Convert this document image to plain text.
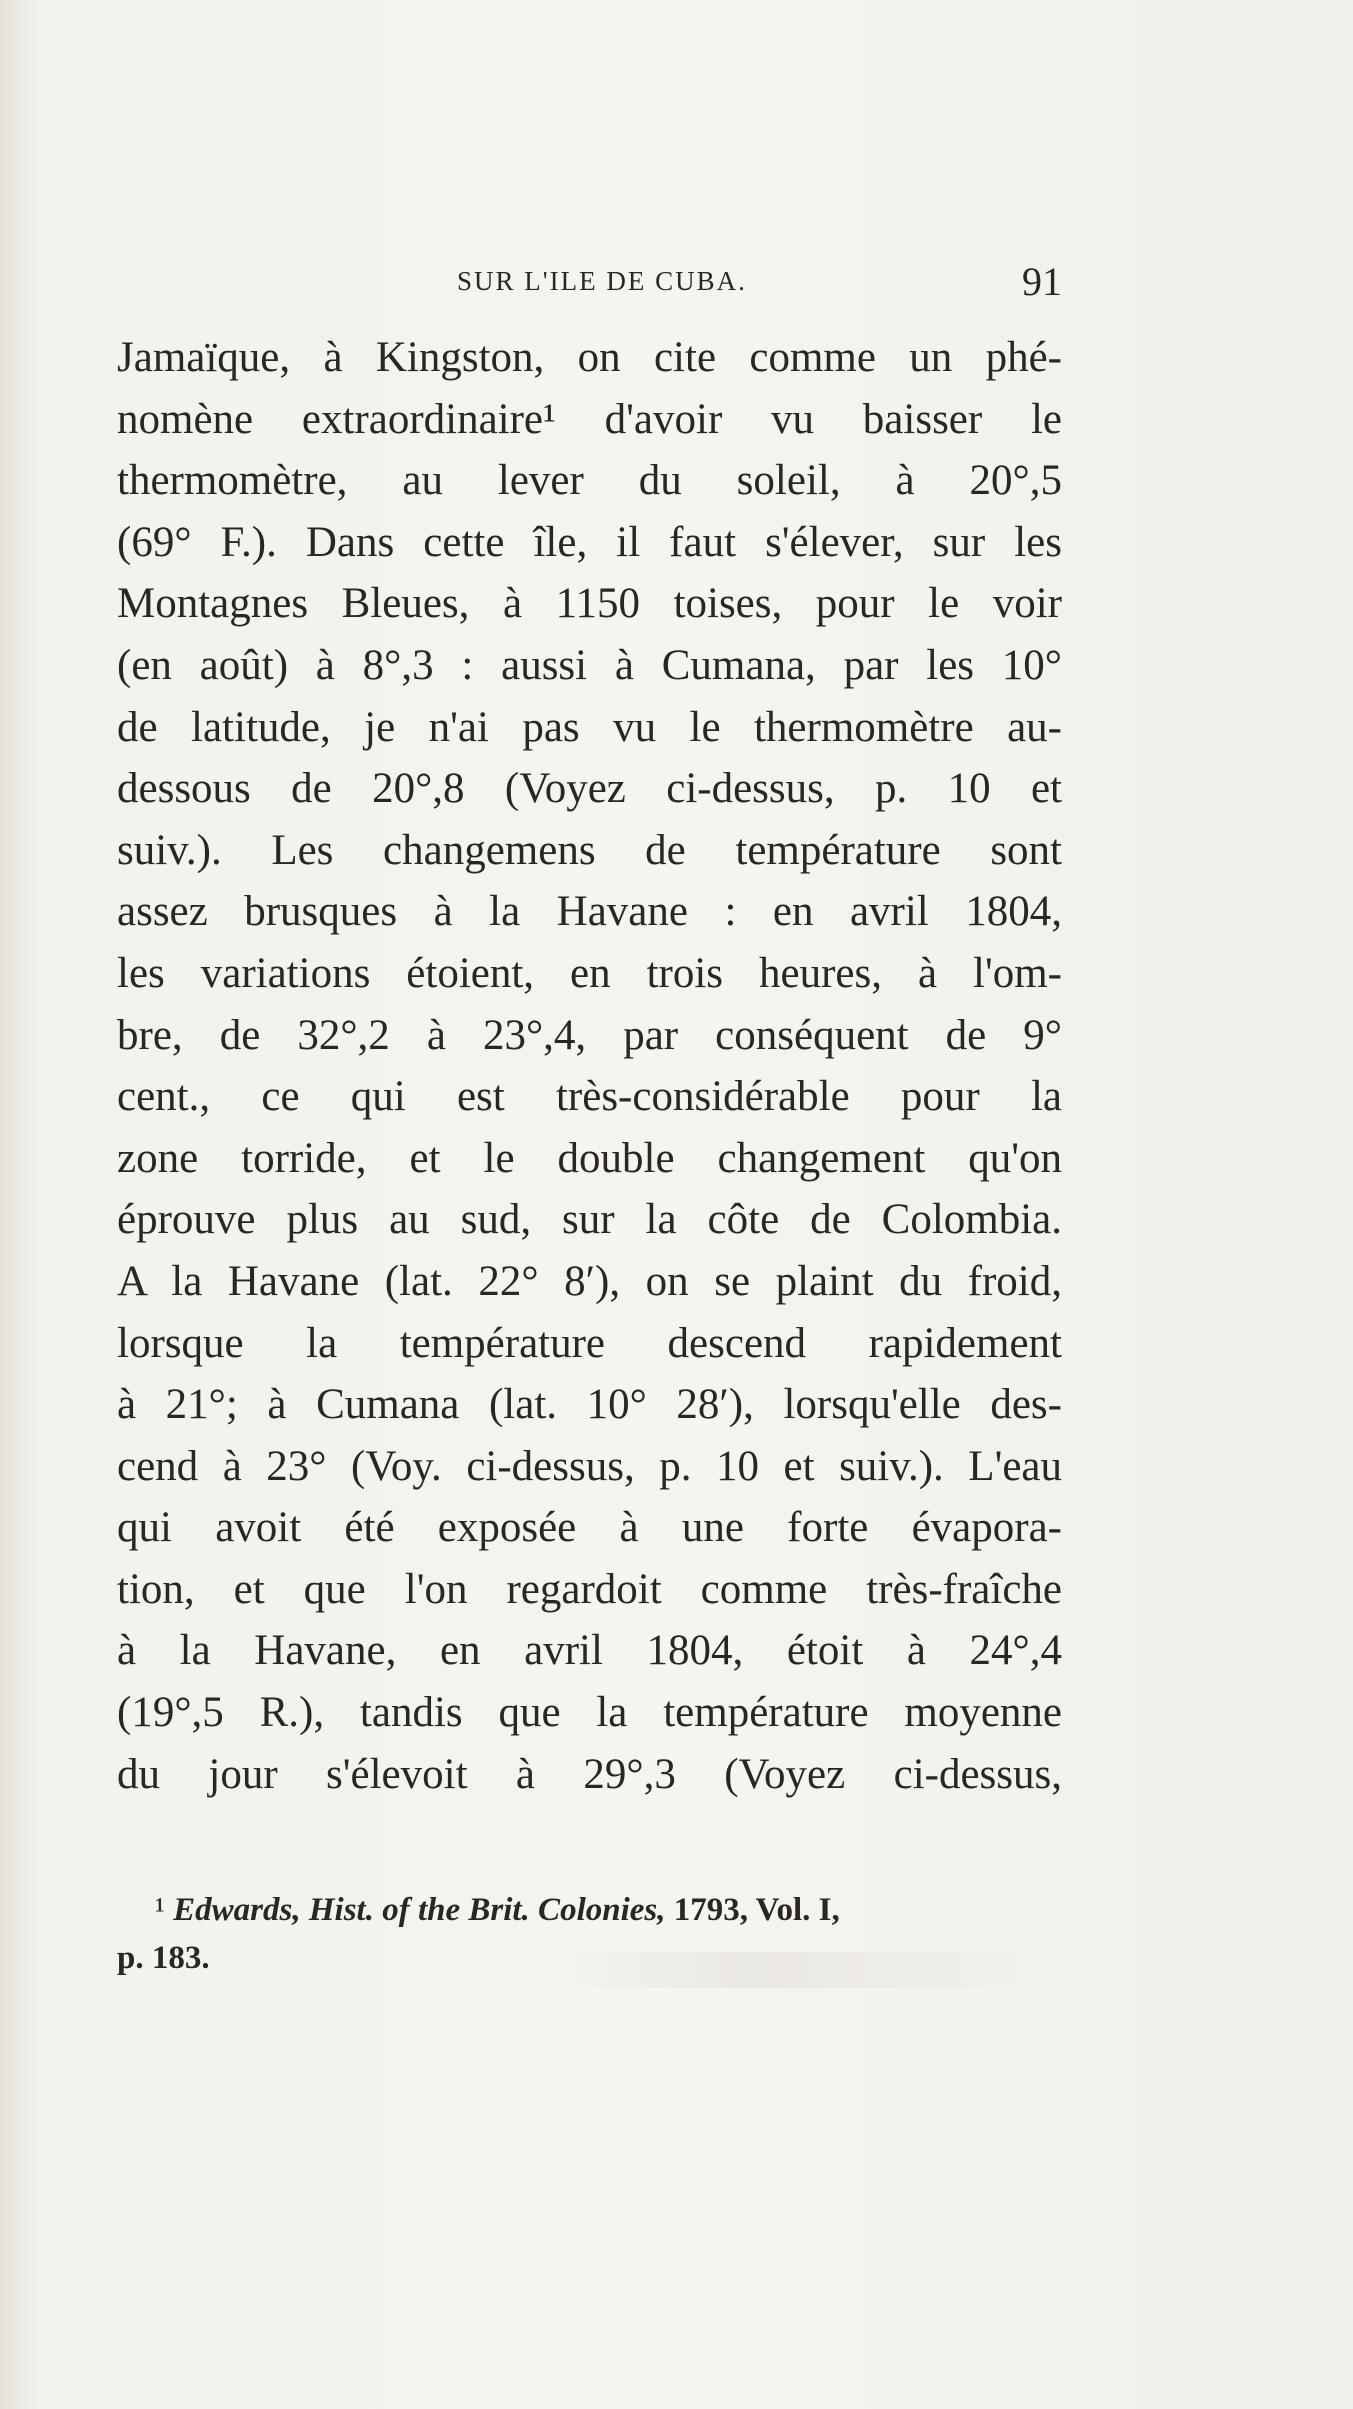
SUR L'ILE DE CUBA.	91
Jamaïque, à Kingston, on cite comme un phé-
nomène extraordinaire¹ d'avoir vu baisser le
thermomètre, au lever du soleil, à 20°,5
(69° F.). Dans cette île, il faut s'élever, sur les
Montagnes Bleues, à 1150 toises, pour le voir
(en août) à 8°,3 : aussi à Cumana, par les 10°
de latitude, je n'ai pas vu le thermomètre au-
dessous de 20°,8 (Voyez ci-dessus, p. 10 et
suiv.). Les changemens de température sont
assez brusques à la Havane : en avril 1804,
les variations étoient, en trois heures, à l'om-
bre, de 32°,2 à 23°,4, par conséquent de 9°
cent., ce qui est très-considérable pour la
zone torride, et le double changement qu'on
éprouve plus au sud, sur la côte de Colombia.
A la Havane (lat. 22° 8′), on se plaint du froid,
lorsque la température descend rapidement
à 21°; à Cumana (lat. 10° 28′), lorsqu'elle des-
cend à 23° (Voy. ci-dessus, p. 10 et suiv.). L'eau
qui avoit été exposée à une forte évapora-
tion, et que l'on regardoit comme très-fraîche
à la Havane, en avril 1804, étoit à 24°,4
(19°,5 R.), tandis que la température moyenne
du jour s'élevoit à 29°,3 (Voyez ci-dessus,
¹ Edwards, Hist. of the Brit. Colonies, 1793, Vol. I,
p. 183.
